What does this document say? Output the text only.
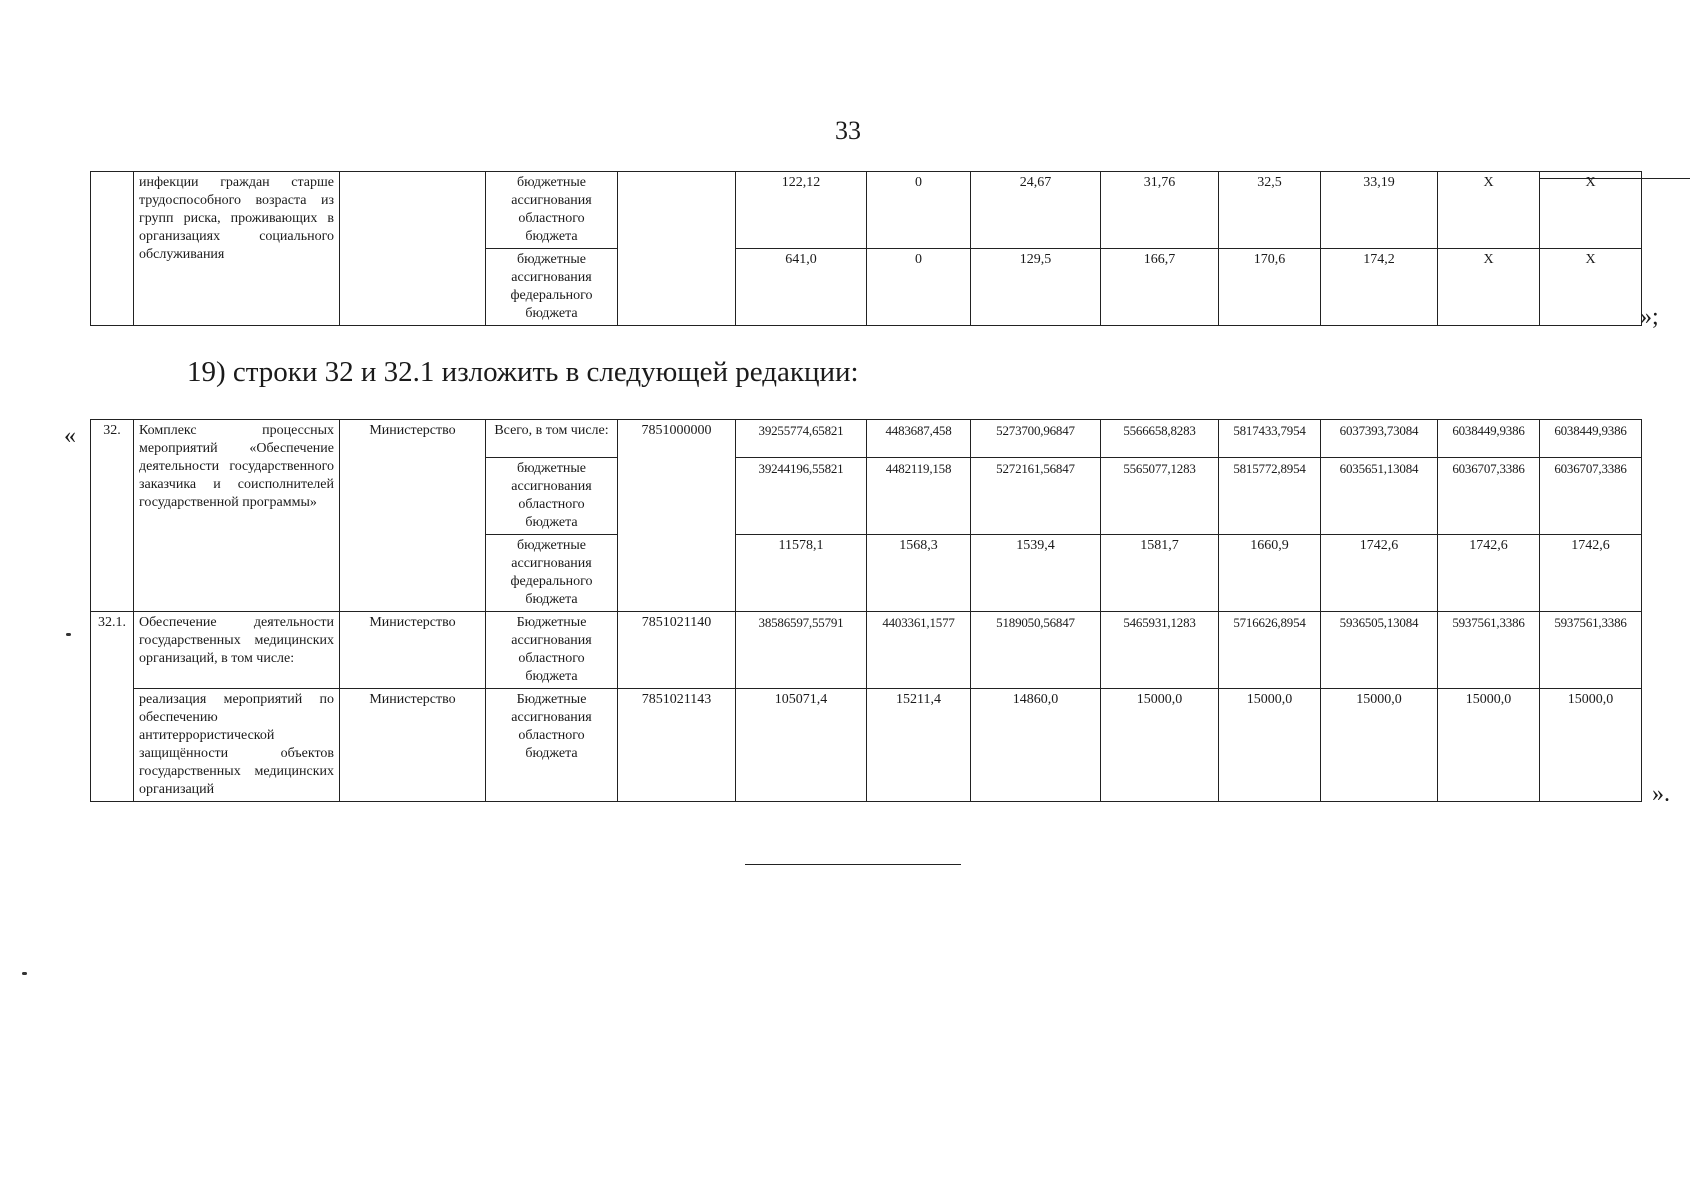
33
	инфекции граждан старше трудоспособного возраста из групп риска, проживающих в организациях социального обслуживания		бюджетные ассигнования областного бюджета		122,12	0	24,67	31,76	32,5	33,19	Х	Х
			бюджетные ассигнования федерального бюджета		641,0	0	129,5	166,7	170,6	174,2	Х	Х
»;
19) строки 32 и 32.1 изложить в следующей редакции:
« 32.	Комплекс процессных мероприятий «Обеспечение деятельности государственного заказчика и соисполнителей государственной программы»	Министерство	Всего, в том числе:	7851000000	39255774,65821	4483687,458	5273700,96847	5566658,8283	5817433,7954	6037393,73084	6038449,9386	6038449,9386
			бюджетные ассигнования областного бюджета		39244196,55821	4482119,158	5272161,56847	5565077,1283	5815772,8954	6035651,13084	6036707,3386	6036707,3386
			бюджетные ассигнования федерального бюджета		11578,1	1568,3	1539,4	1581,7	1660,9	1742,6	1742,6	1742,6
32.1.	Обеспечение деятельности государственных медицинских организаций, в том числе:	Министерство	Бюджетные ассигнования областного бюджета	7851021140	38586597,55791	4403361,1577	5189050,56847	5465931,1283	5716626,8954	5936505,13084	5937561,3386	5937561,3386
	реализация мероприятий по обеспечению антитеррористической защищённости объектов государственных медицинских организаций	Министерство	Бюджетные ассигнования областного бюджета	7851021143	105071,4	15211,4	14860,0	15000,0	15000,0	15000,0	15000,0	15000,0
».
